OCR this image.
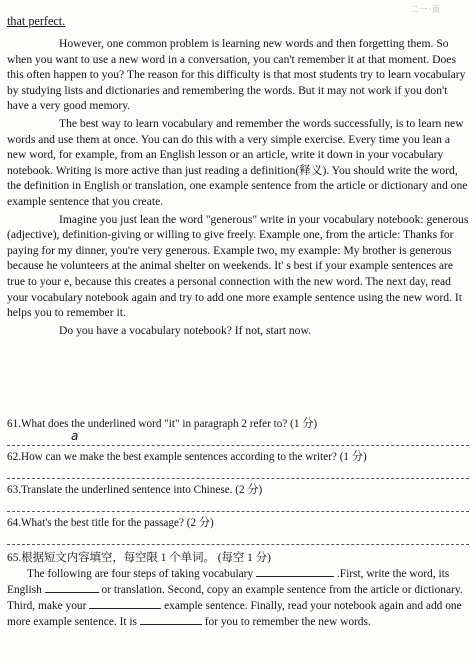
二一·页
that perfect.

However, one common problem is learning new words and then forgetting them. So when you want to use a new word in a conversation, you can't remember it at that moment. Does this often happen to you? The reason for this difficulty is that most students try to learn vocabulary by studying lists and dictionaries and remembering the words. But it may not work if you don't have a very good memory.

The best way to learn vocabulary and remember the words successfully, is to learn new words and use them at once. You can do this with a very simple exercise. Every time you lean a new word, for example, from an English lesson or an article, write it down in your vocabulary notebook. Writing is more active than just reading a definition(释义). You should write the word, the definition in English or translation, one example sentence from the article or dictionary and one example sentence that you create.

Imagine you just lean the word "generous" write in your vocabulary notebook: generous (adjective), definition-giving or willing to give freely. Example one, from the article: Thanks for paying for my dinner, you're very generous. Example two, my example: My brother is generous because he volunteers at the animal shelter on weekends. It' s best if your example sentences are true to your e, because this creates a personal connection with the new word. The next day, read your vocabulary notebook again and try to add one more example sentence using the new word. It helps you to remember it.

Do you have a vocabulary notebook? If not, start now.

61.What does the underlined word "it" in paragraph 2 refer to? (1 分)
a
62.How can we make the best example sentences according to the writer? (1 分)
63.Translate the underlined sentence into Chinese. (2 分)
64.What's the best title for the passage? (2 分)
65.根据短文内容填空，每空限 1 个单词。 (每空 1 分)
The following are four steps of taking vocabulary	.First, write the word, its English	or translation. Second, copy an example sentence from the article or dictionary. Third, make your	example sentence. Finally, read your notebook again and add one more example sentence. It is	for you to remember the new words.
